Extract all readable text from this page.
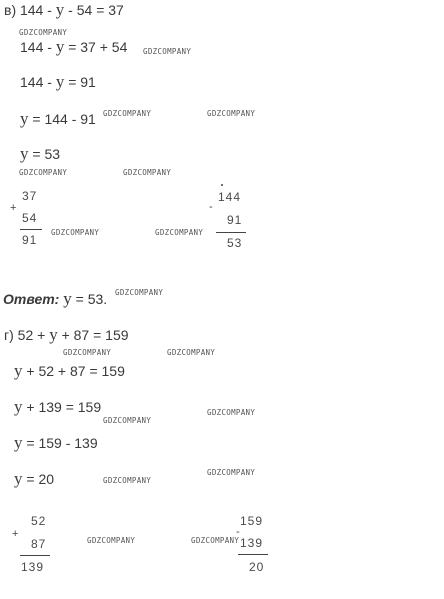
в) 144 - y - 54 = 37
144 - y = 37 + 54
144 - y = 91
y = 144 - 91
y = 53
+
37
54
91
-
144
91
53
Ответ: y = 53.
г) 52 + y + 87 = 159
y + 52 + 87 = 159
y + 139 = 159
y = 159 - 139
y = 20
+
52
87
139
-
159
139
20
GDZCOMPANY
GDZCOMPANY
GDZCOMPANY	GDZCOMPANY
GDZCOMPANY	GDZCOMPANY
GDZCOMPANY	GDZCOMPANY
GDZCOMPANY
GDZCOMPANY	GDZCOMPANY
GDZCOMPANY
GDZCOMPANY
GDZCOMPANY
GDZCOMPANY
GDZCOMPANY	GDZCOMPANY
